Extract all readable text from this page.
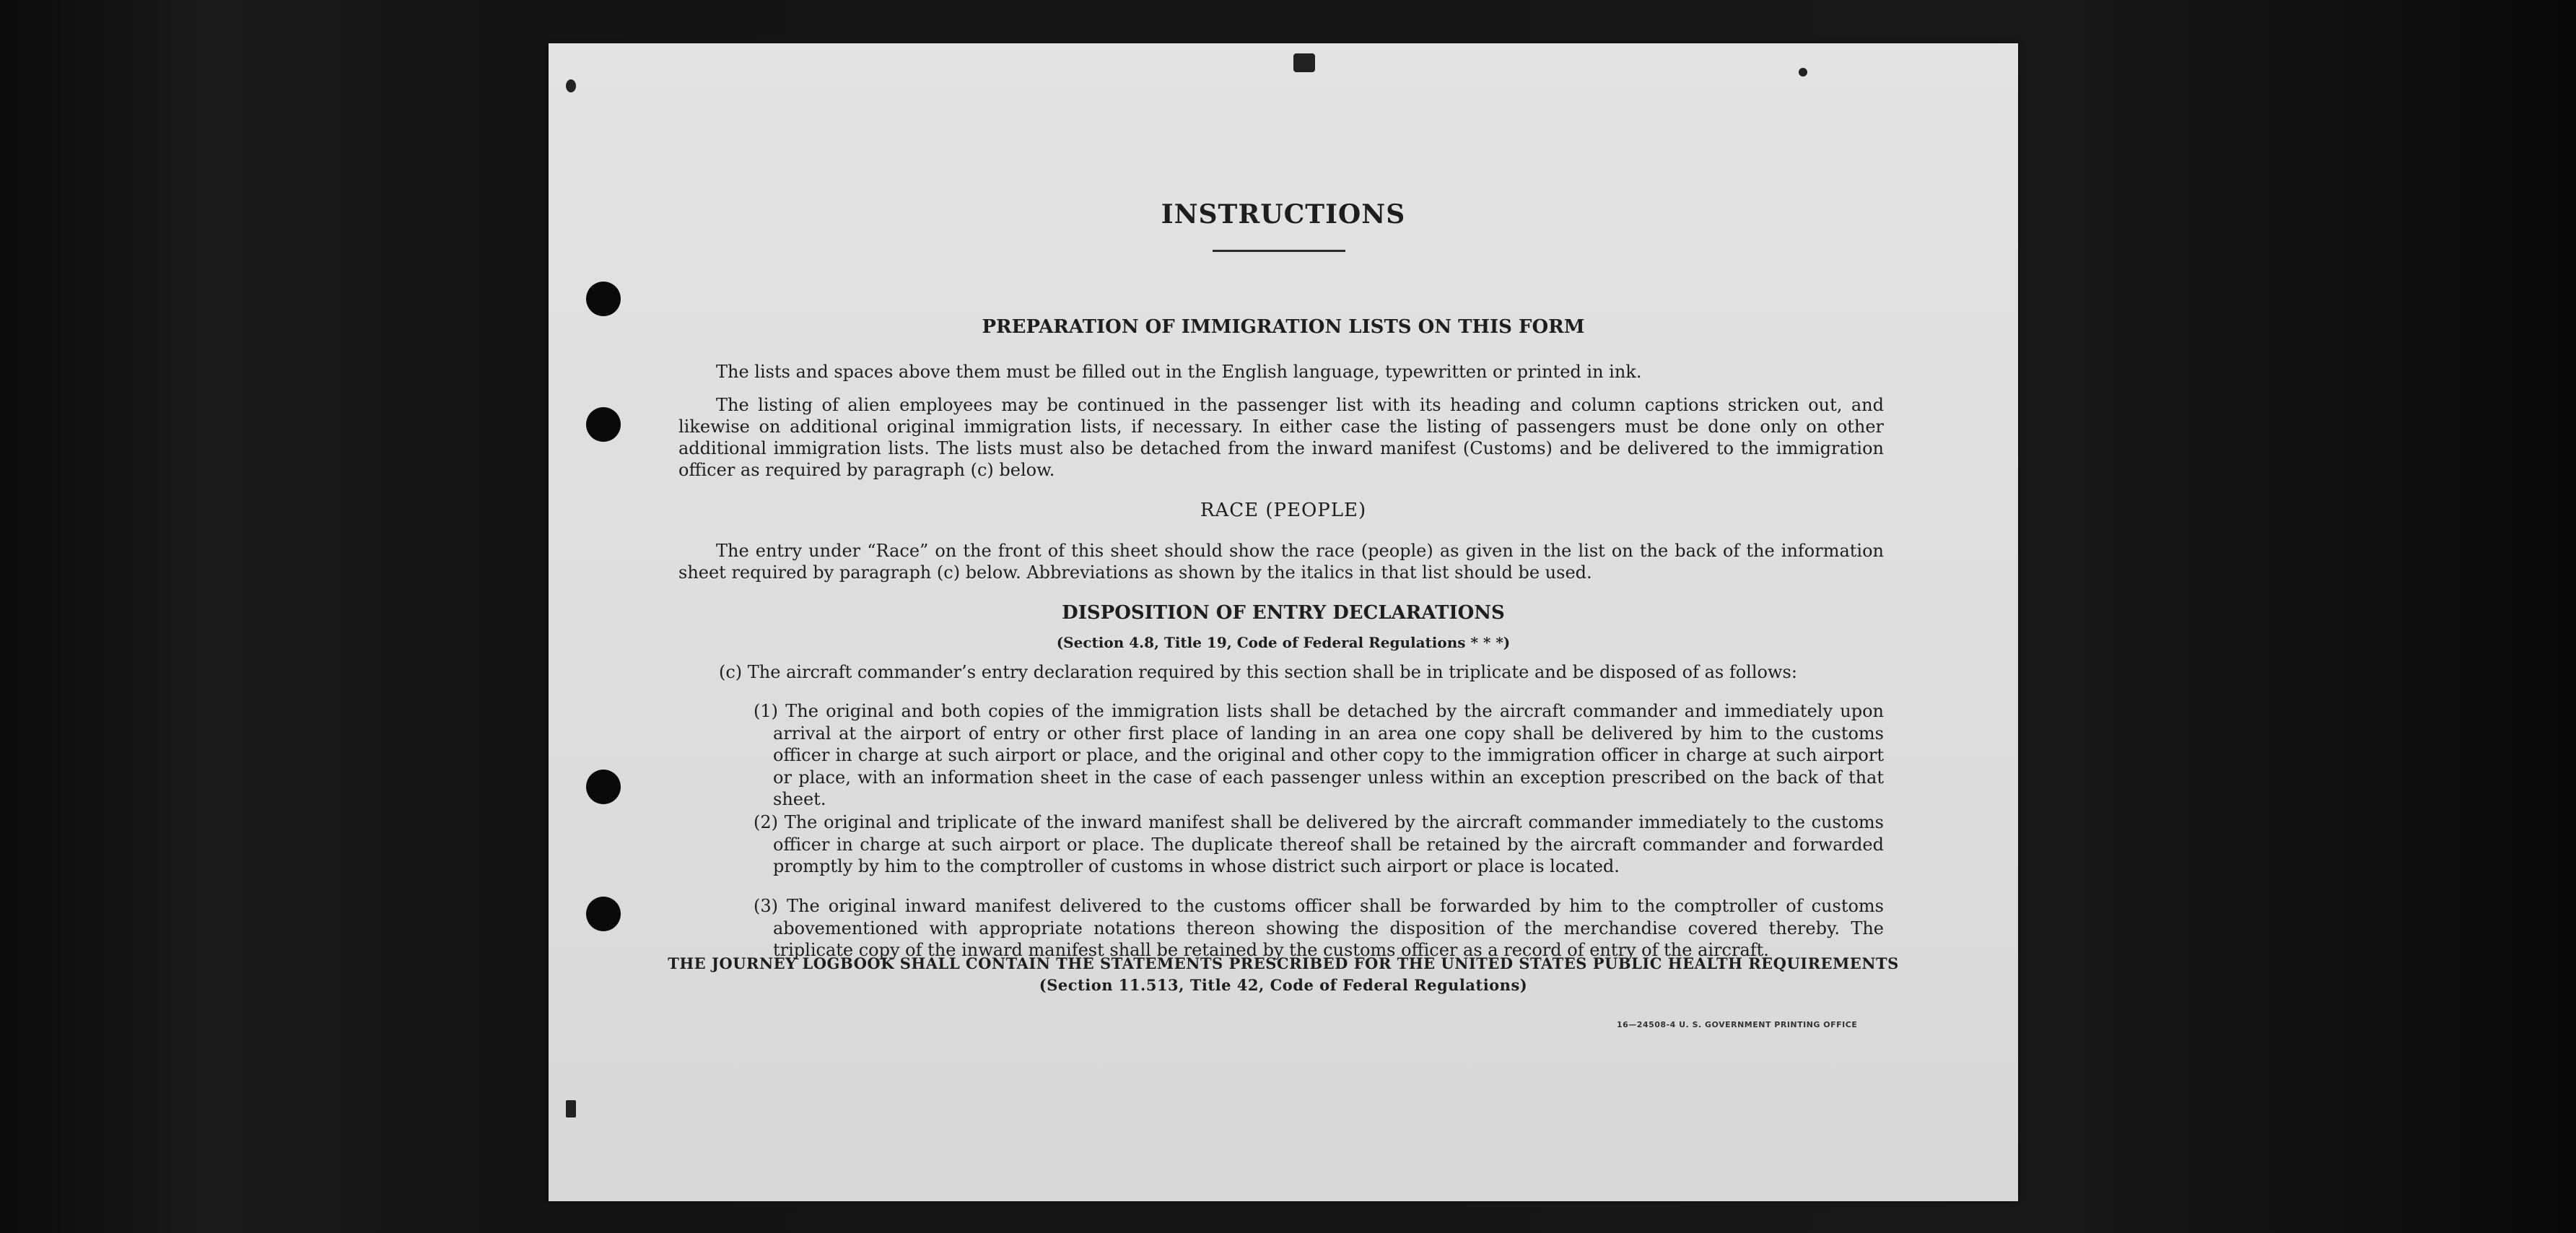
INSTRUCTIONS
PREPARATION OF IMMIGRATION LISTS ON THIS FORM
The lists and spaces above them must be filled out in the English language, typewritten or printed in ink.
The listing of alien employees may be continued in the passenger list with its heading and column captions stricken out, and likewise on additional original immigration lists, if necessary. In either case the listing of passengers must be done only on other additional immigration lists. The lists must also be detached from the inward manifest (Customs) and be delivered to the immigration officer as required by paragraph (c) below.
RACE (PEOPLE)
The entry under “Race” on the front of this sheet should show the race (people) as given in the list on the back of the information sheet required by paragraph (c) below. Abbreviations as shown by the italics in that list should be used.
DISPOSITION OF ENTRY DECLARATIONS
(Section 4.8, Title 19, Code of Federal Regulations * * *)
(c) The aircraft commander’s entry declaration required by this section shall be in triplicate and be disposed of as follows:
(1) The original and both copies of the immigration lists shall be detached by the aircraft commander and immediately upon arrival at the airport of entry or other first place of landing in an area one copy shall be delivered by him to the customs officer in charge at such airport or place, and the original and other copy to the immigration officer in charge at such airport or place, with an information sheet in the case of each passenger unless within an exception prescribed on the back of that sheet.
(2) The original and triplicate of the inward manifest shall be delivered by the aircraft commander immediately to the customs officer in charge at such airport or place. The duplicate thereof shall be retained by the aircraft commander and forwarded promptly by him to the comptroller of customs in whose district such airport or place is located.
(3) The original inward manifest delivered to the customs officer shall be forwarded by him to the comptroller of customs abovementioned with appropriate notations thereon showing the disposition of the merchandise covered thereby. The triplicate copy of the inward manifest shall be retained by the customs officer as a record of entry of the aircraft.
THE JOURNEY LOGBOOK SHALL CONTAIN THE STATEMENTS PRESCRIBED FOR THE UNITED STATES PUBLIC HEALTH REQUIREMENTS
(Section 11.513, Title 42, Code of Federal Regulations)
16—24508-4 U. S. GOVERNMENT PRINTING OFFICE
